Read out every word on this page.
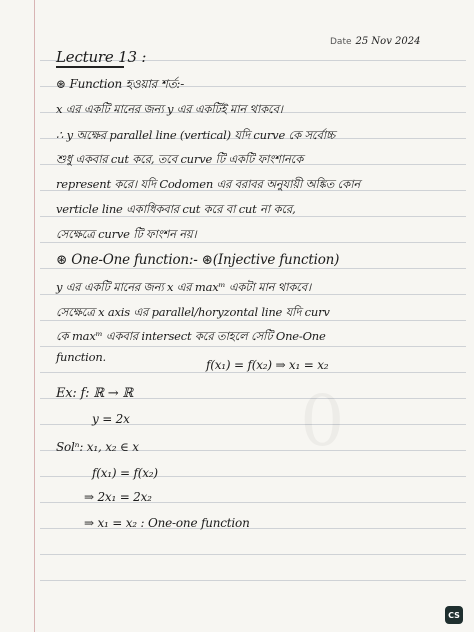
Date 25 Nov 2024
Lecture 13 :
⊛ Function হওয়ার শর্ত:-
x এর একটি মানের জন্য y এর একটিই মান থাকবে।
∴ y অক্ষের parallel line (vertical) যদি curve কে সর্বোচ্চ
শুধু একবার cut করে, তবে curve টি একটি ফাংশানকে
represent করে। যদি Codomen এর বরাবর অনুযায়ী অঙ্কিত কোন
verticle line একাধিকবার cut করে বা cut না করে,
সেক্ষেত্রে curve টি ফাংশন নয়।
⊛ One-One function:- ⊛(Injective function)
y এর একটি মানের জন্য x এর maxᵐ একটা মান থাকবে।
সেক্ষেত্রে x axis এর parallel/horyzontal line যদি curv
কে maxᵐ একবার intersect করে তাহলে সেটি One-One
function.
f(x₁) = f(x₂) ⇒ x₁ = x₂
Ex: f: ℝ → ℝ
y = 2x
Solⁿ: x₁, x₂ ∈ x
f(x₁) = f(x₂)
⇒ 2x₁ = 2x₂
⇒ x₁ = x₂ : One-one function
CS
